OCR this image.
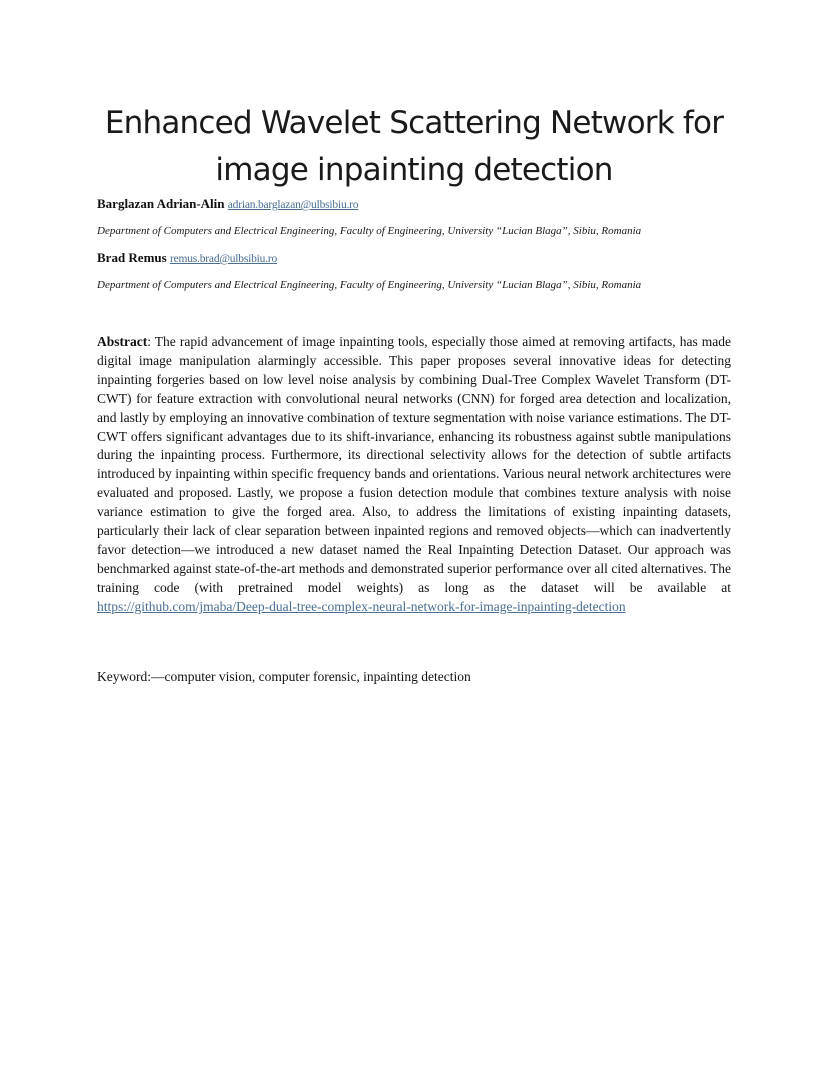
Enhanced Wavelet Scattering Network for
image inpainting detection

Barglazan Adrian-Alin adrian.barglazan@ulbsibiu.ro

Department of Computers and Electrical Engineering, Faculty of Engineering, University “Lucian Blaga”, Sibiu, Romania

Brad Remus remus.brad@ulbsibiu.ro

Department of Computers and Electrical Engineering, Faculty of Engineering, University “Lucian Blaga”, Sibiu, Romania

Abstract: The rapid advancement of image inpainting tools, especially those aimed at removing artifacts, has made digital image manipulation alarmingly accessible. This paper proposes several innovative ideas for detecting inpainting forgeries based on low level noise analysis by combining Dual-Tree Complex Wavelet Transform (DT-CWT) for feature extraction with convolutional neural networks (CNN) for forged area detection and localization, and lastly by employing an innovative combination of texture segmentation with noise variance estimations. The DT-CWT offers significant advantages due to its shift-invariance, enhancing its robustness against subtle manipulations during the inpainting process. Furthermore, its directional selectivity allows for the detection of subtle artifacts introduced by inpainting within specific frequency bands and orientations. Various neural network architectures were evaluated and proposed. Lastly, we propose a fusion detection module that combines texture analysis with noise variance estimation to give the forged area. Also, to address the limitations of existing inpainting datasets, particularly their lack of clear separation between inpainted regions and removed objects—which can inadvertently favor detection—we introduced a new dataset named the Real Inpainting Detection Dataset. Our approach was benchmarked against state-of-the-art methods and demonstrated superior performance over all cited alternatives. The training code (with pretrained model weights) as long as the dataset will be available at https://github.com/jmaba/Deep-dual-tree-complex-neural-network-for-image-inpainting-detection

Keyword:—computer vision, computer forensic, inpainting detection
